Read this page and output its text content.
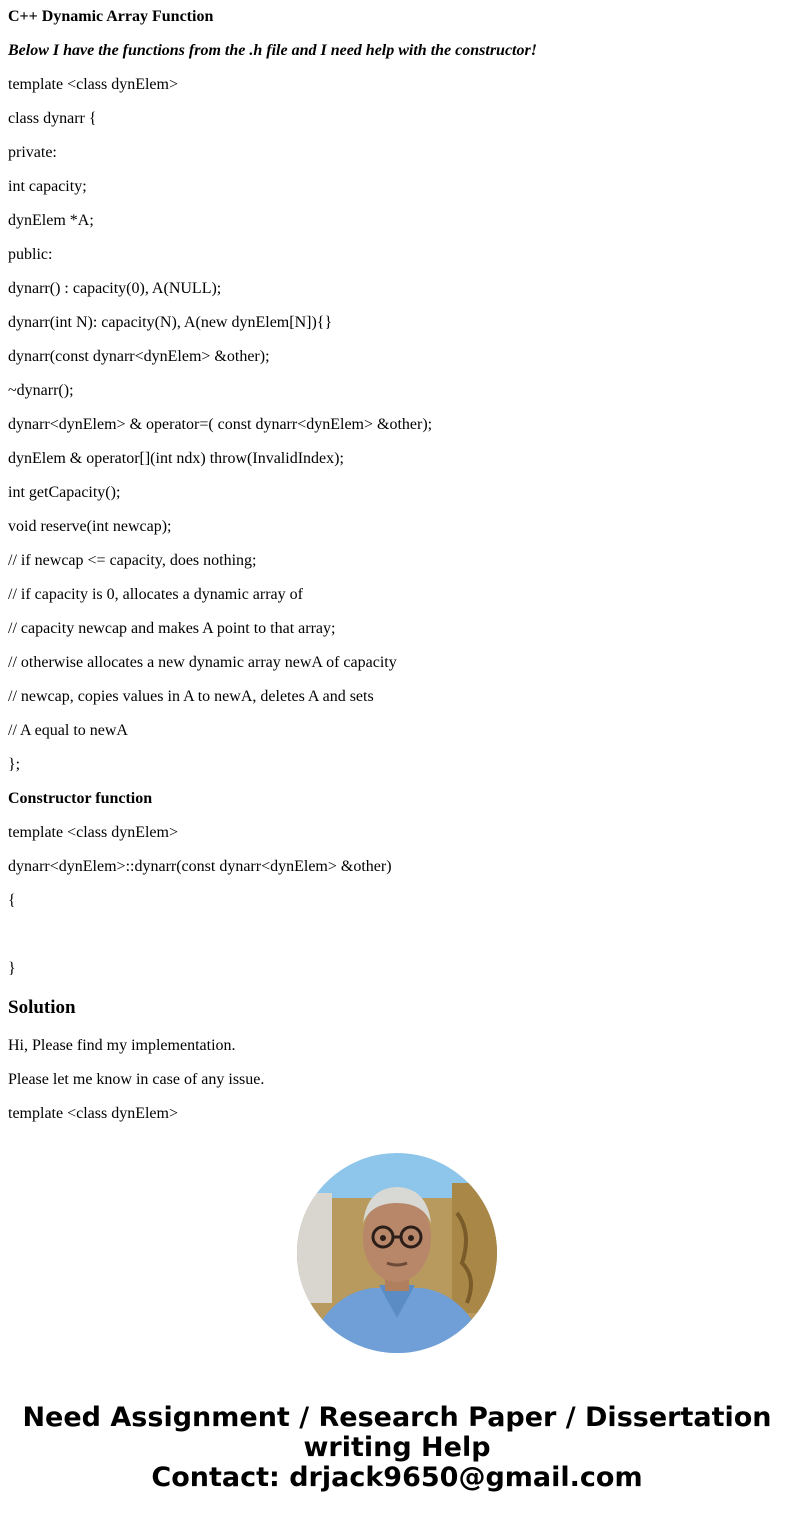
C++ Dynamic Array Function
Below I have the functions from the .h file and I need help with the constructor!
template <class dynElem>
class dynarr {
private:
int capacity;
dynElem *A;
public:
dynarr() : capacity(0), A(NULL);
dynarr(int N): capacity(N), A(new dynElem[N]){}
dynarr(const dynarr<dynElem> &other);
~dynarr();
dynarr<dynElem> & operator=( const dynarr<dynElem> &other);
dynElem & operator[](int ndx) throw(InvalidIndex);
int getCapacity();
void reserve(int newcap);
// if newcap <= capacity, does nothing;
// if capacity is 0, allocates a dynamic array of
// capacity newcap and makes A point to that array;
// otherwise allocates a new dynamic array newA of capacity
// newcap, copies values in A to newA, deletes A and sets
// A equal to newA
};
Constructor function
template <class dynElem>
dynarr<dynElem>::dynarr(const dynarr<dynElem> &other)
{
}
Solution
Hi, Please find my implementation.
Please let me know in case of any issue.
template <class dynElem>
Need Assignment / Research Paper / Dissertation
writing Help
Contact: drjack9650@gmail.com
